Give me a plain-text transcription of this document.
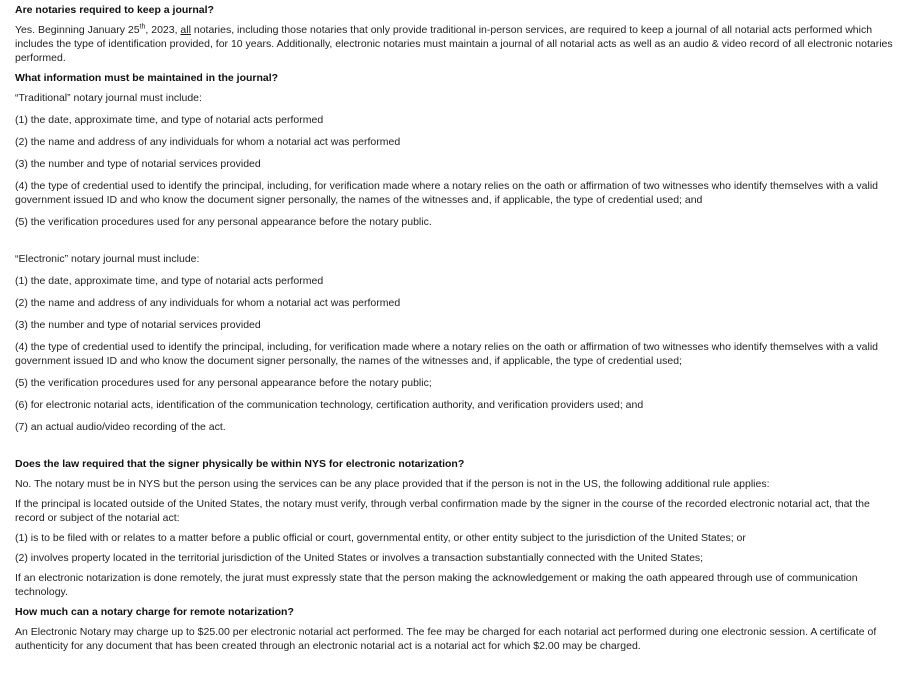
Are notaries required to keep a journal?

Yes. Beginning January 25th, 2023, all notaries, including those notaries that only provide traditional in-person services, are required to keep a journal of all notarial acts performed which includes the type of identification provided, for 10 years. Additionally, electronic notaries must maintain a journal of all notarial acts as well as an audio & video record of all electronic notaries performed.

What information must be maintained in the journal?

“Traditional” notary journal must include:

(1) the date, approximate time, and type of notarial acts performed

(2) the name and address of any individuals for whom a notarial act was performed

(3) the number and type of notarial services provided

(4) the type of credential used to identify the principal, including, for verification made where a notary relies on the oath or affirmation of two witnesses who identify themselves with a valid government issued ID and who know the document signer personally, the names of the witnesses and, if applicable, the type of credential used; and

(5) the verification procedures used for any personal appearance before the notary public.

“Electronic” notary journal must include:

(1) the date, approximate time, and type of notarial acts performed

(2) the name and address of any individuals for whom a notarial act was performed

(3) the number and type of notarial services provided

(4) the type of credential used to identify the principal, including, for verification made where a notary relies on the oath or affirmation of two witnesses who identify themselves with a valid government issued ID and who know the document signer personally, the names of the witnesses and, if applicable, the type of credential used;

(5) the verification procedures used for any personal appearance before the notary public;

(6) for electronic notarial acts, identification of the communication technology, certification authority, and verification providers used; and

(7) an actual audio/video recording of the act.

Does the law required that the signer physically be within NYS for electronic notarization?

No. The notary must be in NYS but the person using the services can be any place provided that if the person is not in the US, the following additional rule applies:

If the principal is located outside of the United States, the notary must verify, through verbal confirmation made by the signer in the course of the recorded electronic notarial act, that the record or subject of the notarial act:

(1) is to be filed with or relates to a matter before a public official or court, governmental entity, or other entity subject to the jurisdiction of the United States; or

(2) involves property located in the territorial jurisdiction of the United States or involves a transaction substantially connected with the United States;

If an electronic notarization is done remotely, the jurat must expressly state that the person making the acknowledgement or making the oath appeared through use of communication technology.

How much can a notary charge for remote notarization?

An Electronic Notary may charge up to $25.00 per electronic notarial act performed. The fee may be charged for each notarial act performed during one electronic session. A certificate of authenticity for any document that has been created through an electronic notarial act is a notarial act for which $2.00 may be charged.
